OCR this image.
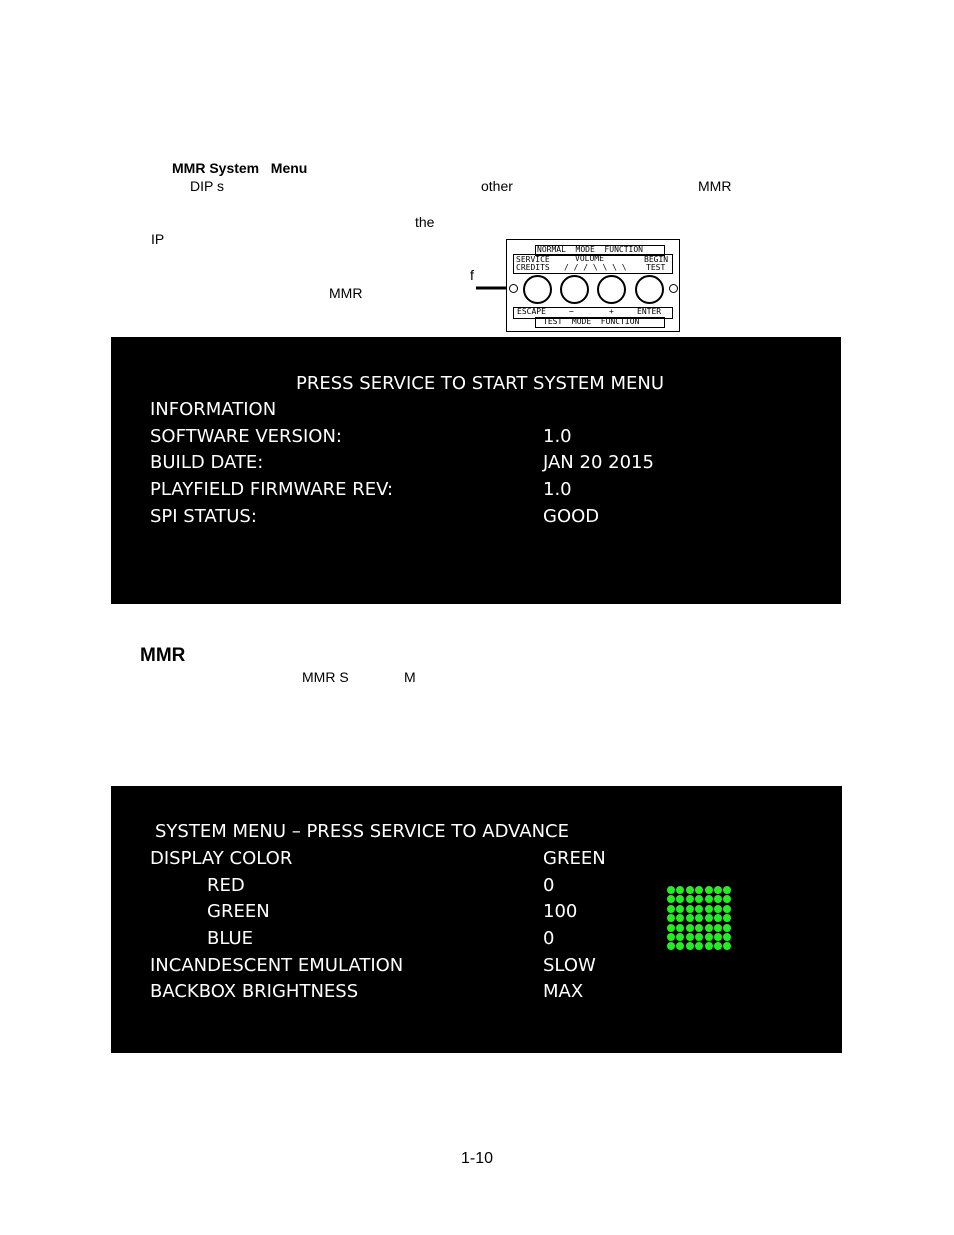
MMR System   Menu
DIP s	other	MMR
the
IP
f
MMR
NORMAL  MODE  FUNCTION
SERVICE
CREDITS
VOLUME
/ / / \ \ \ \
BEGIN
TEST
ESCAPE	−	+	ENTER
TEST  MODE  FUNCTION
PRESS SERVICE TO START SYSTEM MENU
INFORMATION
SOFTWARE VERSION:	1.0
BUILD DATE:	JAN 20 2015
PLAYFIELD FIRMWARE REV:	1.0
SPI STATUS:	GOOD
MMR
MMR S	M
SYSTEM MENU – PRESS SERVICE TO ADVANCE
DISPLAY COLOR	GREEN
RED	0
GREEN	100
BLUE	0
INCANDESCENT EMULATION	SLOW
BACKBOX BRIGHTNESS	MAX
1-10
